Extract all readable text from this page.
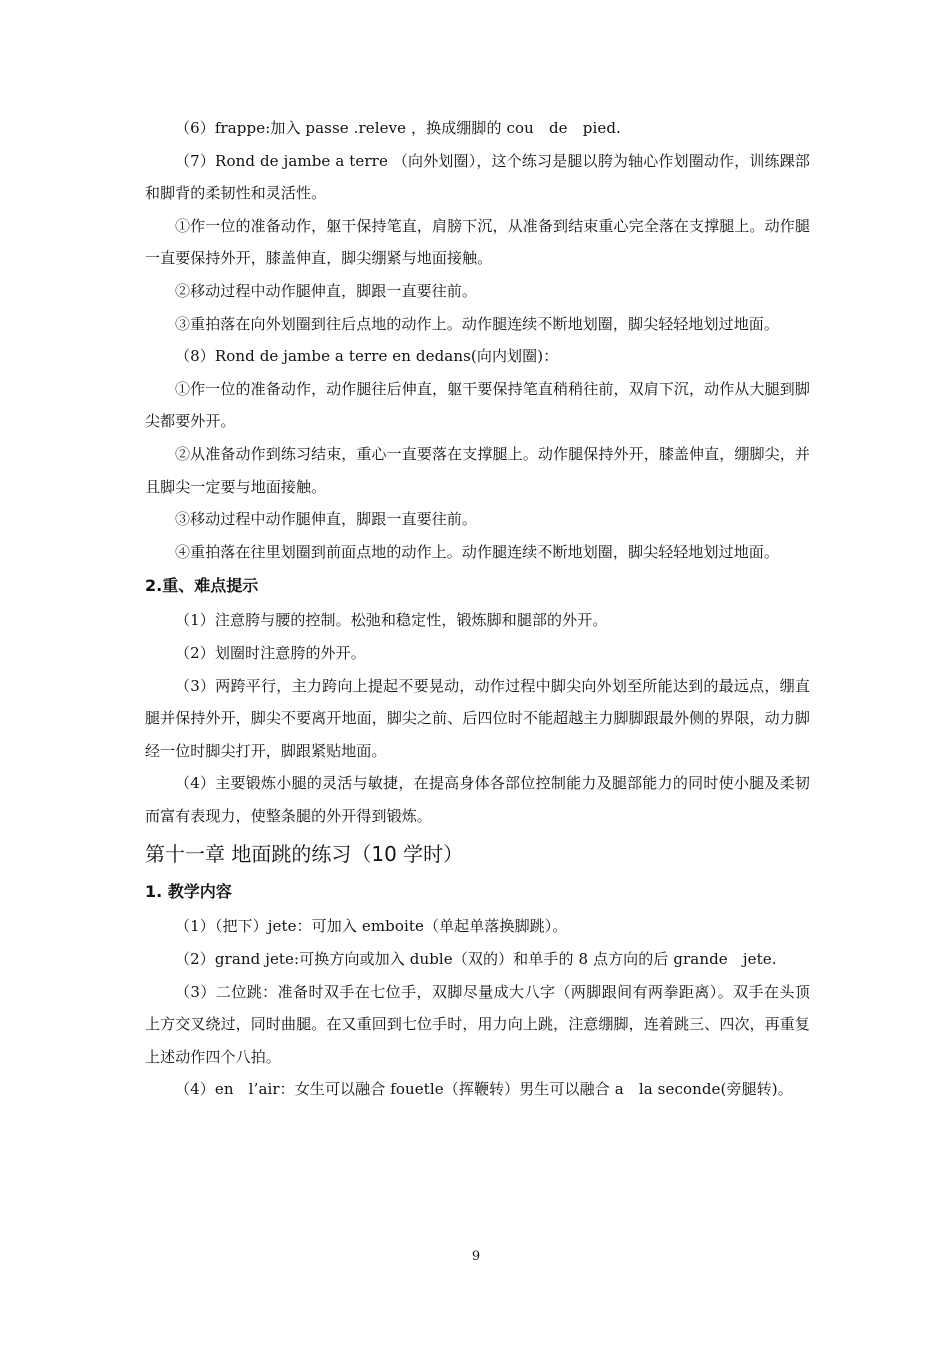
（6）frappe:加入 passe .releve ，换成绷脚的 cou　de　pied.

（7）Rond de jambe a terre （向外划圈），这个练习是腿以胯为轴心作划圈动作，训练踝部和脚背的柔韧性和灵活性。

①作一位的准备动作，躯干保持笔直，肩膀下沉，从准备到结束重心完全落在支撑腿上。动作腿一直要保持外开，膝盖伸直，脚尖绷紧与地面接触。

②移动过程中动作腿伸直，脚跟一直要往前。

③重拍落在向外划圈到往后点地的动作上。动作腿连续不断地划圈，脚尖轻轻地划过地面。

（8）Rond de jambe a terre en dedans(向内划圈)：

①作一位的准备动作，动作腿往后伸直，躯干要保持笔直稍稍往前，双肩下沉，动作从大腿到脚尖都要外开。

②从准备动作到练习结束，重心一直要落在支撑腿上。动作腿保持外开，膝盖伸直，绷脚尖，并且脚尖一定要与地面接触。

③移动过程中动作腿伸直，脚跟一直要往前。

④重拍落在往里划圈到前面点地的动作上。动作腿连续不断地划圈，脚尖轻轻地划过地面。

2.重、难点提示

（1）注意胯与腰的控制。松弛和稳定性，锻炼脚和腿部的外开。

（2）划圈时注意胯的外开。

（3）两跨平行，主力跨向上提起不要晃动，动作过程中脚尖向外划至所能达到的最远点，绷直腿并保持外开，脚尖不要离开地面，脚尖之前、后四位时不能超越主力脚脚跟最外侧的界限，动力脚经一位时脚尖打开，脚跟紧贴地面。

（4）主要锻炼小腿的灵活与敏捷，在提高身体各部位控制能力及腿部能力的同时使小腿及柔韧而富有表现力，使整条腿的外开得到锻炼。

第十一章 地面跳的练习（10 学时）
1. 教学内容

（1）（把下）jete：可加入 emboite（单起单落换脚跳）。

（2）grand jete:可换方向或加入 duble（双的）和单手的 8 点方向的后 grande　jete.

（3）二位跳：准备时双手在七位手，双脚尽量成大八字（两脚跟间有两拳距离）。双手在头顶上方交叉绕过，同时曲腿。在又重回到七位手时，用力向上跳，注意绷脚，连着跳三、四次，再重复上述动作四个八拍。

（4）en　l’air：女生可以融合 fouetle（挥鞭转）男生可以融合 a　la seconde(旁腿转)。

9
